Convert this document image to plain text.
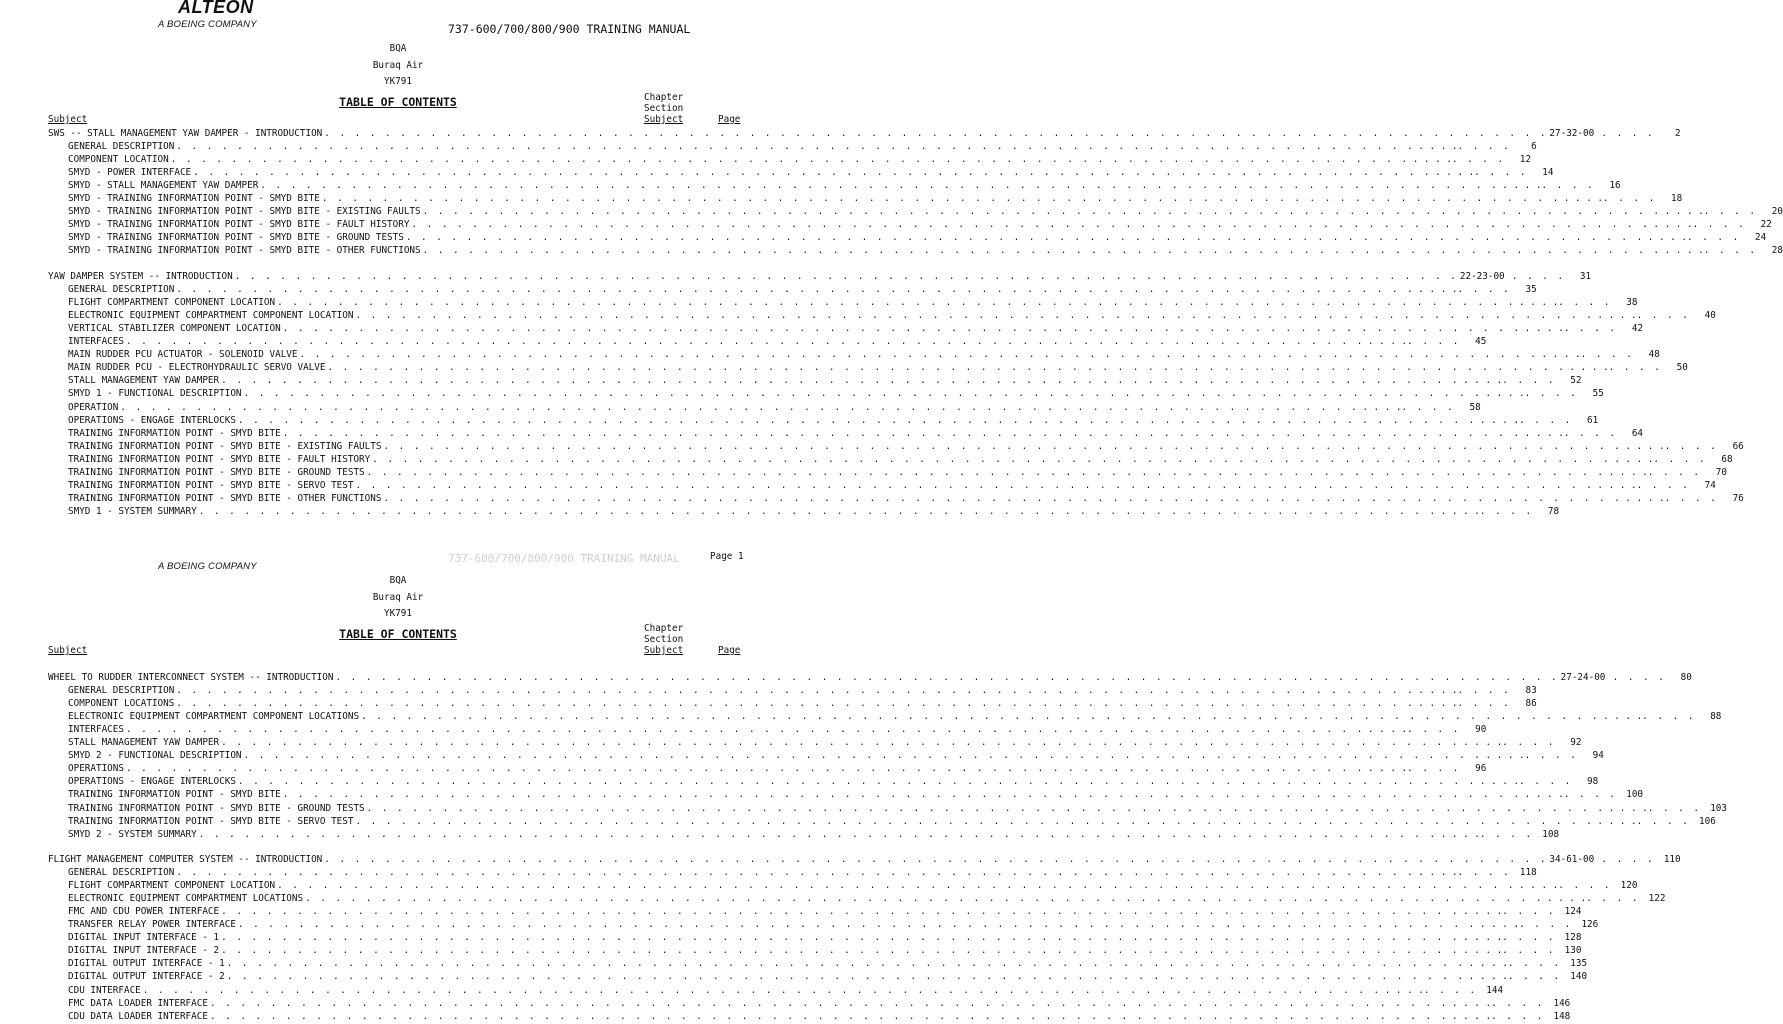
ALTEON
A BOEING COMPANY	737-600/700/800/900 TRAINING MANUAL
BQA
Buraq Air
YK791
TABLE OF CONTENTS	Chapter
Section
Subject
Subject	Page
SWS -- STALL MANAGEMENT YAW DAMPER - INTRODUCTION . . . . . . . . . . . . . . . . . . . . . . . . . . . . . . . . . . . . . . . . . . . . . . . . . . . . . . . . . . . . . . . . . . . . . . . . . . . . . . . . . 27-32-00 . . . .	2
GENERAL DESCRIPTION . . . . . . . . . . . . . . . . . . . . . . . . . . . . . . . . . . . . . . . . . . . . . . . . . . . . . . . . . . . . . . . . . . . . . . . . . . . . . . . . . . . . . . . . . .	6
COMPONENT LOCATION . . . . . . . . . . . . . . . . . . . . . . . . . . . . . . . . . . . . . . . . . . . . . . . . . . . . . . . . . . . . . . . . . . . . . . . . . . . . . . . . . . . . . . . . . .	12
SMYD - POWER INTERFACE . . . . . . . . . . . . . . . . . . . . . . . . . . . . . . . . . . . . . . . . . . . . . . . . . . . . . . . . . . . . . . . . . . . . . . . . . . . . . . . . . . . . . . . . . .	14
SMYD - STALL MANAGEMENT YAW DAMPER . . . . . . . . . . . . . . . . . . . . . . . . . . . . . . . . . . . . . . . . . . . . . . . . . . . . . . . . . . . . . . . . . . . . . . . . . . . . . . . . . . . . . . . . . .	16
SMYD - TRAINING INFORMATION POINT - SMYD BITE . . . . . . . . . . . . . . . . . . . . . . . . . . . . . . . . . . . . . . . . . . . . . . . . . . . . . . . . . . . . . . . . . . . . . . . . . . . . . . . . . . . . . . . . . .	18
SMYD - TRAINING INFORMATION POINT - SMYD BITE - EXISTING FAULTS . . . . . . . . . . . . . . . . . . . . . . . . . . . . . . . . . . . . . . . . . . . . . . . . . . . . . . . . . . . . . . . . . . . . . . . . . . . . . . . . . . . . . . . . . .	20
SMYD - TRAINING INFORMATION POINT - SMYD BITE - FAULT HISTORY . . . . . . . . . . . . . . . . . . . . . . . . . . . . . . . . . . . . . . . . . . . . . . . . . . . . . . . . . . . . . . . . . . . . . . . . . . . . . . . . . . . . . . . . . .	22
SMYD - TRAINING INFORMATION POINT - SMYD BITE - GROUND TESTS . . . . . . . . . . . . . . . . . . . . . . . . . . . . . . . . . . . . . . . . . . . . . . . . . . . . . . . . . . . . . . . . . . . . . . . . . . . . . . . . . . . . . . . . . .	24
SMYD - TRAINING INFORMATION POINT - SMYD BITE - OTHER FUNCTIONS . . . . . . . . . . . . . . . . . . . . . . . . . . . . . . . . . . . . . . . . . . . . . . . . . . . . . . . . . . . . . . . . . . . . . . . . . . . . . . . . . . . . . . . . . .	28
YAW DAMPER SYSTEM -- INTRODUCTION . . . . . . . . . . . . . . . . . . . . . . . . . . . . . . . . . . . . . . . . . . . . . . . . . . . . . . . . . . . . . . . . . . . . . . . . . . . . . . . . . 22-23-00 . . . .	31
GENERAL DESCRIPTION . . . . . . . . . . . . . . . . . . . . . . . . . . . . . . . . . . . . . . . . . . . . . . . . . . . . . . . . . . . . . . . . . . . . . . . . . . . . . . . . . . . . . . . . . .	35
FLIGHT COMPARTMENT COMPONENT LOCATION . . . . . . . . . . . . . . . . . . . . . . . . . . . . . . . . . . . . . . . . . . . . . . . . . . . . . . . . . . . . . . . . . . . . . . . . . . . . . . . . . . . . . . . . . .	38
ELECTRONIC EQUIPMENT COMPARTMENT COMPONENT LOCATION . . . . . . . . . . . . . . . . . . . . . . . . . . . . . . . . . . . . . . . . . . . . . . . . . . . . . . . . . . . . . . . . . . . . . . . . . . . . . . . . . . . . . . . . . .	40
VERTICAL STABILIZER COMPONENT LOCATION . . . . . . . . . . . . . . . . . . . . . . . . . . . . . . . . . . . . . . . . . . . . . . . . . . . . . . . . . . . . . . . . . . . . . . . . . . . . . . . . . . . . . . . . . .	42
INTERFACES . . . . . . . . . . . . . . . . . . . . . . . . . . . . . . . . . . . . . . . . . . . . . . . . . . . . . . . . . . . . . . . . . . . . . . . . . . . . . . . . . . . . . . . . . .	45
MAIN RUDDER PCU ACTUATOR - SOLENOID VALVE . . . . . . . . . . . . . . . . . . . . . . . . . . . . . . . . . . . . . . . . . . . . . . . . . . . . . . . . . . . . . . . . . . . . . . . . . . . . . . . . . . . . . . . . . .	48
MAIN RUDDER PCU - ELECTROHYDRAULIC SERVO VALVE . . . . . . . . . . . . . . . . . . . . . . . . . . . . . . . . . . . . . . . . . . . . . . . . . . . . . . . . . . . . . . . . . . . . . . . . . . . . . . . . . . . . . . . . . .	50
STALL MANAGEMENT YAW DAMPER . . . . . . . . . . . . . . . . . . . . . . . . . . . . . . . . . . . . . . . . . . . . . . . . . . . . . . . . . . . . . . . . . . . . . . . . . . . . . . . . . . . . . . . . . .	52
SMYD 1 - FUNCTIONAL DESCRIPTION . . . . . . . . . . . . . . . . . . . . . . . . . . . . . . . . . . . . . . . . . . . . . . . . . . . . . . . . . . . . . . . . . . . . . . . . . . . . . . . . . . . . . . . . . .	55
OPERATION . . . . . . . . . . . . . . . . . . . . . . . . . . . . . . . . . . . . . . . . . . . . . . . . . . . . . . . . . . . . . . . . . . . . . . . . . . . . . . . . . . . . . . . . . .	58
OPERATIONS - ENGAGE INTERLOCKS . . . . . . . . . . . . . . . . . . . . . . . . . . . . . . . . . . . . . . . . . . . . . . . . . . . . . . . . . . . . . . . . . . . . . . . . . . . . . . . . . . . . . . . . . .	61
TRAINING INFORMATION POINT - SMYD BITE . . . . . . . . . . . . . . . . . . . . . . . . . . . . . . . . . . . . . . . . . . . . . . . . . . . . . . . . . . . . . . . . . . . . . . . . . . . . . . . . . . . . . . . . . .	64
TRAINING INFORMATION POINT - SMYD BITE - EXISTING FAULTS . . . . . . . . . . . . . . . . . . . . . . . . . . . . . . . . . . . . . . . . . . . . . . . . . . . . . . . . . . . . . . . . . . . . . . . . . . . . . . . . . . . . . . . . . .	66
TRAINING INFORMATION POINT - SMYD BITE - FAULT HISTORY . . . . . . . . . . . . . . . . . . . . . . . . . . . . . . . . . . . . . . . . . . . . . . . . . . . . . . . . . . . . . . . . . . . . . . . . . . . . . . . . . . . . . . . . . .	68
TRAINING INFORMATION POINT - SMYD BITE - GROUND TESTS . . . . . . . . . . . . . . . . . . . . . . . . . . . . . . . . . . . . . . . . . . . . . . . . . . . . . . . . . . . . . . . . . . . . . . . . . . . . . . . . . . . . . . . . . .	70
TRAINING INFORMATION POINT - SMYD BITE - SERVO TEST . . . . . . . . . . . . . . . . . . . . . . . . . . . . . . . . . . . . . . . . . . . . . . . . . . . . . . . . . . . . . . . . . . . . . . . . . . . . . . . . . . . . . . . . . .	74
TRAINING INFORMATION POINT - SMYD BITE - OTHER FUNCTIONS . . . . . . . . . . . . . . . . . . . . . . . . . . . . . . . . . . . . . . . . . . . . . . . . . . . . . . . . . . . . . . . . . . . . . . . . . . . . . . . . . . . . . . . . . .	76
SMYD 1 - SYSTEM SUMMARY . . . . . . . . . . . . . . . . . . . . . . . . . . . . . . . . . . . . . . . . . . . . . . . . . . . . . . . . . . . . . . . . . . . . . . . . . . . . . . . . . . . . . . . . . .	78
737-600/700/800/900 TRAINING MANUAL	Page 1
A BOEING COMPANY
BQA
Buraq Air
YK791
TABLE OF CONTENTS	Chapter
Section
Subject
Subject	Page
WHEEL TO RUDDER INTERCONNECT SYSTEM -- INTRODUCTION . . . . . . . . . . . . . . . . . . . . . . . . . . . . . . . . . . . . . . . . . . . . . . . . . . . . . . . . . . . . . . . . . . . . . . . . . . . . . . . . . 27-24-00 . . . .	80
GENERAL DESCRIPTION . . . . . . . . . . . . . . . . . . . . . . . . . . . . . . . . . . . . . . . . . . . . . . . . . . . . . . . . . . . . . . . . . . . . . . . . . . . . . . . . . . . . . . . . . .	83
COMPONENT LOCATIONS . . . . . . . . . . . . . . . . . . . . . . . . . . . . . . . . . . . . . . . . . . . . . . . . . . . . . . . . . . . . . . . . . . . . . . . . . . . . . . . . . . . . . . . . . .	86
ELECTRONIC EQUIPMENT COMPARTMENT COMPONENT LOCATIONS . . . . . . . . . . . . . . . . . . . . . . . . . . . . . . . . . . . . . . . . . . . . . . . . . . . . . . . . . . . . . . . . . . . . . . . . . . . . . . . . . . . . . . . . . .	88
INTERFACES . . . . . . . . . . . . . . . . . . . . . . . . . . . . . . . . . . . . . . . . . . . . . . . . . . . . . . . . . . . . . . . . . . . . . . . . . . . . . . . . . . . . . . . . . .	90
STALL MANAGEMENT YAW DAMPER . . . . . . . . . . . . . . . . . . . . . . . . . . . . . . . . . . . . . . . . . . . . . . . . . . . . . . . . . . . . . . . . . . . . . . . . . . . . . . . . . . . . . . . . . .	92
SMYD 2 - FUNCTIONAL DESCRIPTION . . . . . . . . . . . . . . . . . . . . . . . . . . . . . . . . . . . . . . . . . . . . . . . . . . . . . . . . . . . . . . . . . . . . . . . . . . . . . . . . . . . . . . . . . .	94
OPERATIONS . . . . . . . . . . . . . . . . . . . . . . . . . . . . . . . . . . . . . . . . . . . . . . . . . . . . . . . . . . . . . . . . . . . . . . . . . . . . . . . . . . . . . . . . . .	96
OPERATIONS - ENGAGE INTERLOCKS . . . . . . . . . . . . . . . . . . . . . . . . . . . . . . . . . . . . . . . . . . . . . . . . . . . . . . . . . . . . . . . . . . . . . . . . . . . . . . . . . . . . . . . . . .	98
TRAINING INFORMATION POINT - SMYD BITE . . . . . . . . . . . . . . . . . . . . . . . . . . . . . . . . . . . . . . . . . . . . . . . . . . . . . . . . . . . . . . . . . . . . . . . . . . . . . . . . . . . . . . . . . . 100
TRAINING INFORMATION POINT - SMYD BITE - GROUND TESTS . . . . . . . . . . . . . . . . . . . . . . . . . . . . . . . . . . . . . . . . . . . . . . . . . . . . . . . . . . . . . . . . . . . . . . . . . . . . . . . . . . . . . . . . . . 103
TRAINING INFORMATION POINT - SMYD BITE - SERVO TEST . . . . . . . . . . . . . . . . . . . . . . . . . . . . . . . . . . . . . . . . . . . . . . . . . . . . . . . . . . . . . . . . . . . . . . . . . . . . . . . . . . . . . . . . . . 106
SMYD 2 - SYSTEM SUMMARY . . . . . . . . . . . . . . . . . . . . . . . . . . . . . . . . . . . . . . . . . . . . . . . . . . . . . . . . . . . . . . . . . . . . . . . . . . . . . . . . . . . . . . . . . . 108
FLIGHT MANAGEMENT COMPUTER SYSTEM -- INTRODUCTION . . . . . . . . . . . . . . . . . . . . . . . . . . . . . . . . . . . . . . . . . . . . . . . . . . . . . . . . . . . . . . . . . . . . . . . . . . . . . . . . . 34-61-00 . . . . 110
GENERAL DESCRIPTION . . . . . . . . . . . . . . . . . . . . . . . . . . . . . . . . . . . . . . . . . . . . . . . . . . . . . . . . . . . . . . . . . . . . . . . . . . . . . . . . . . . . . . . . . . 118
FLIGHT COMPARTMENT COMPONENT LOCATION . . . . . . . . . . . . . . . . . . . . . . . . . . . . . . . . . . . . . . . . . . . . . . . . . . . . . . . . . . . . . . . . . . . . . . . . . . . . . . . . . . . . . . . . . . 120
ELECTRONIC EQUIPMENT COMPARTMENT LOCATIONS . . . . . . . . . . . . . . . . . . . . . . . . . . . . . . . . . . . . . . . . . . . . . . . . . . . . . . . . . . . . . . . . . . . . . . . . . . . . . . . . . . . . . . . . . . 122
FMC AND CDU POWER INTERFACE . . . . . . . . . . . . . . . . . . . . . . . . . . . . . . . . . . . . . . . . . . . . . . . . . . . . . . . . . . . . . . . . . . . . . . . . . . . . . . . . . . . . . . . . . . 124
TRANSFER RELAY POWER INTERFACE . . . . . . . . . . . . . . . . . . . . . . . . . . . . . . . . . . . . . . . . . . . . . . . . . . . . . . . . . . . . . . . . . . . . . . . . . . . . . . . . . . . . . . . . . . 126
DIGITAL INPUT INTERFACE - 1 . . . . . . . . . . . . . . . . . . . . . . . . . . . . . . . . . . . . . . . . . . . . . . . . . . . . . . . . . . . . . . . . . . . . . . . . . . . . . . . . . . . . . . . . . . 128
DIGITAL INPUT INTERFACE - 2 . . . . . . . . . . . . . . . . . . . . . . . . . . . . . . . . . . . . . . . . . . . . . . . . . . . . . . . . . . . . . . . . . . . . . . . . . . . . . . . . . . . . . . . . . . 130
DIGITAL OUTPUT INTERFACE - 1 . . . . . . . . . . . . . . . . . . . . . . . . . . . . . . . . . . . . . . . . . . . . . . . . . . . . . . . . . . . . . . . . . . . . . . . . . . . . . . . . . . . . . . . . . . 135
DIGITAL OUTPUT INTERFACE - 2 . . . . . . . . . . . . . . . . . . . . . . . . . . . . . . . . . . . . . . . . . . . . . . . . . . . . . . . . . . . . . . . . . . . . . . . . . . . . . . . . . . . . . . . . . . 140
CDU INTERFACE . . . . . . . . . . . . . . . . . . . . . . . . . . . . . . . . . . . . . . . . . . . . . . . . . . . . . . . . . . . . . . . . . . . . . . . . . . . . . . . . . . . . . . . . . . 144
FMC DATA LOADER INTERFACE . . . . . . . . . . . . . . . . . . . . . . . . . . . . . . . . . . . . . . . . . . . . . . . . . . . . . . . . . . . . . . . . . . . . . . . . . . . . . . . . . . . . . . . . . . 146
CDU DATA LOADER INTERFACE . . . . . . . . . . . . . . . . . . . . . . . . . . . . . . . . . . . . . . . . . . . . . . . . . . . . . . . . . . . . . . . . . . . . . . . . . . . . . . . . . . . . . . . . . . 148
